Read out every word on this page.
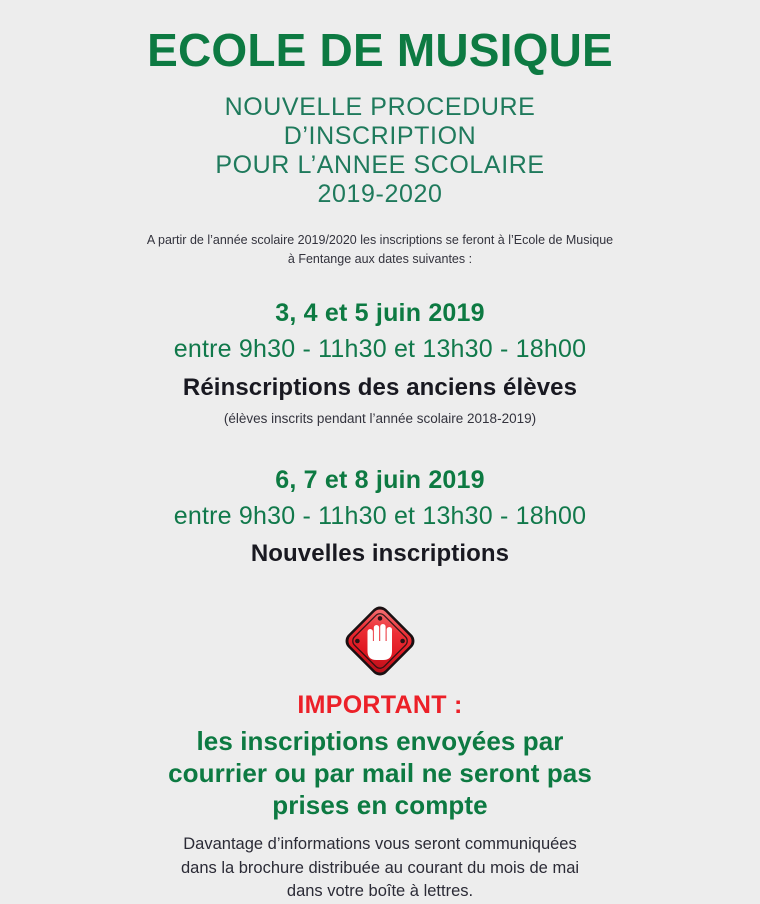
ECOLE DE MUSIQUE
NOUVELLE PROCEDURE
D’INSCRIPTION
POUR L’ANNEE SCOLAIRE
2019-2020

A partir de l’année scolaire 2019/2020 les inscriptions se feront à l’Ecole de Musique
à Fentange aux dates suivantes :

3, 4 et 5 juin 2019
entre 9h30 - 11h30 et 13h30 - 18h00
Réinscriptions des anciens élèves
(élèves inscrits pendant l’année scolaire 2018-2019)
6, 7 et 8 juin 2019
entre 9h30 - 11h30 et 13h30 - 18h00
Nouvelles inscriptions
IMPORTANT :
les inscriptions envoyées par
courrier ou par mail ne seront pas
prises en compte

Davantage d’informations vous seront communiquées
dans la brochure distribuée au courant du mois de mai
dans votre boîte à lettres.
